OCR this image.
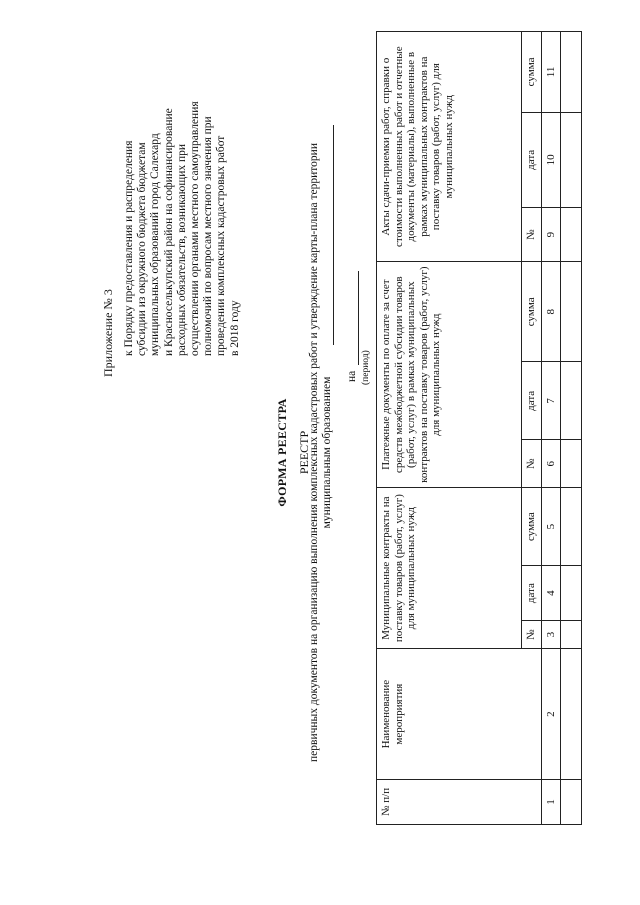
Приложение № 3 к Порядку предоставления и распределения субсидии из окружного бюджета бюджетам муниципальных образований город Салехард и Красноселькупский район на софинансирование расходных обязательств, возникающих при осуществлении органами местного самоуправления полномочий по вопросам местного значения при проведении комплексных кадастровых работ в 2018 году
ФОРМА РЕЕСТРА РЕЕСТР
первичных документов на организацию выполнения комплексных кадастровых работ и утверждение карты-плана территории муниципальным образованием
на (период)
№ п/п	Наименование мероприятия	Муниципальные контракты на поставку товаров (работ, услуг) для муниципальных нужд			Платежные документы по оплате за счет средств межбюджетной субсидии товаров (работ, услуг) в рамках муниципальных контрактов на поставку товаров (работ, услуг) для муниципальных нужд			Акты сдачи-приемки работ, справки о стоимости выполненных работ и отчетные документы (материалы), выполненные в рамках муниципальных контрактов на поставку товаров (работ, услуг) для муниципальных нужд		
		№	дата	сумма	№	дата	сумма	№	дата	сумма
1	2	3	4	5	6	7	8	9	10	11
